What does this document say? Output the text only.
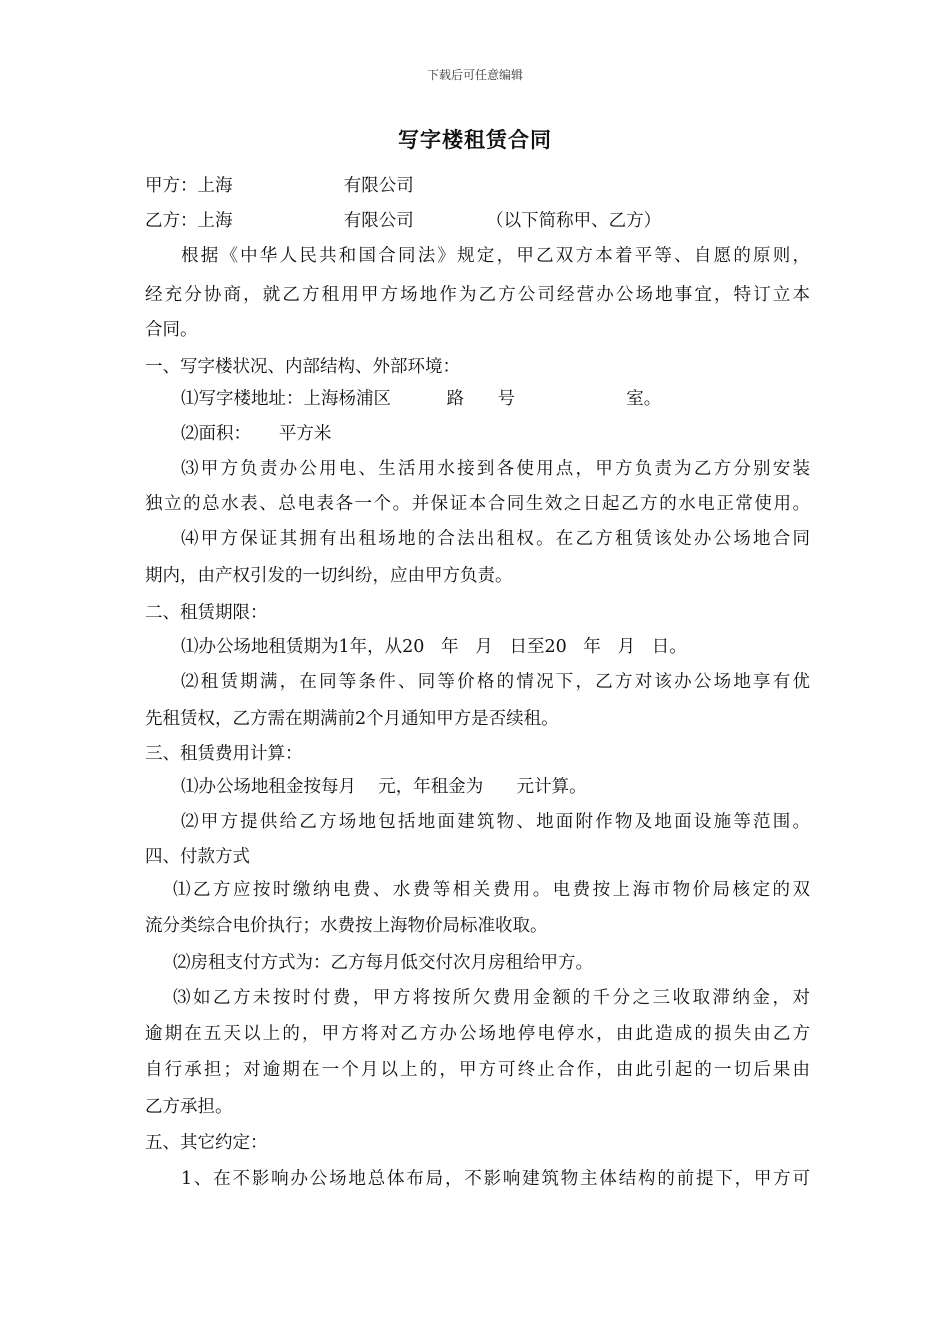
下载后可任意编辑
写字楼租赁合同
甲方：上海                    有限公司
乙方：上海                    有限公司             （以下简称甲、乙方）
根据《中华人民共和国合同法》规定，甲乙双方本着平等、自愿的原则，
经充分协商，就乙方租用甲方场地作为乙方公司经营办公场地事宜，特订立本
合同。
一、写字楼状况、内部结构、外部环境：
⑴写字楼地址：上海杨浦区          路      号                    室。
⑵面积：     平方米
⑶甲方负责办公用电、生活用水接到各使用点，甲方负责为乙方分别安装
独立的总水表、总电表各一个。并保证本合同生效之日起乙方的水电正常使用。
⑷甲方保证其拥有出租场地的合法出租权。在乙方租赁该处办公场地合同
期内，由产权引发的一切纠纷，应由甲方负责。
二、租赁期限：
⑴办公场地租赁期为1年，从20   年   月   日至20   年   月   日。
⑵租赁期满，在同等条件、同等价格的情况下，乙方对该办公场地享有优
先租赁权，乙方需在期满前2个月通知甲方是否续租。
三、租赁费用计算：
⑴办公场地租金按每月    元，年租金为      元计算。
⑵甲方提供给乙方场地包括地面建筑物、地面附作物及地面设施等范围。
四、付款方式
⑴乙方应按时缴纳电费、水费等相关费用。电费按上海市物价局核定的双
流分类综合电价执行；水费按上海物价局标准收取。
⑵房租支付方式为：乙方每月低交付次月房租给甲方。
⑶如乙方未按时付费，甲方将按所欠费用金额的千分之三收取滞纳金，对
逾期在五天以上的，甲方将对乙方办公场地停电停水，由此造成的损失由乙方
自行承担；对逾期在一个月以上的，甲方可终止合作，由此引起的一切后果由
乙方承担。
五、其它约定：
1、在不影响办公场地总体布局，不影响建筑物主体结构的前提下，甲方可
